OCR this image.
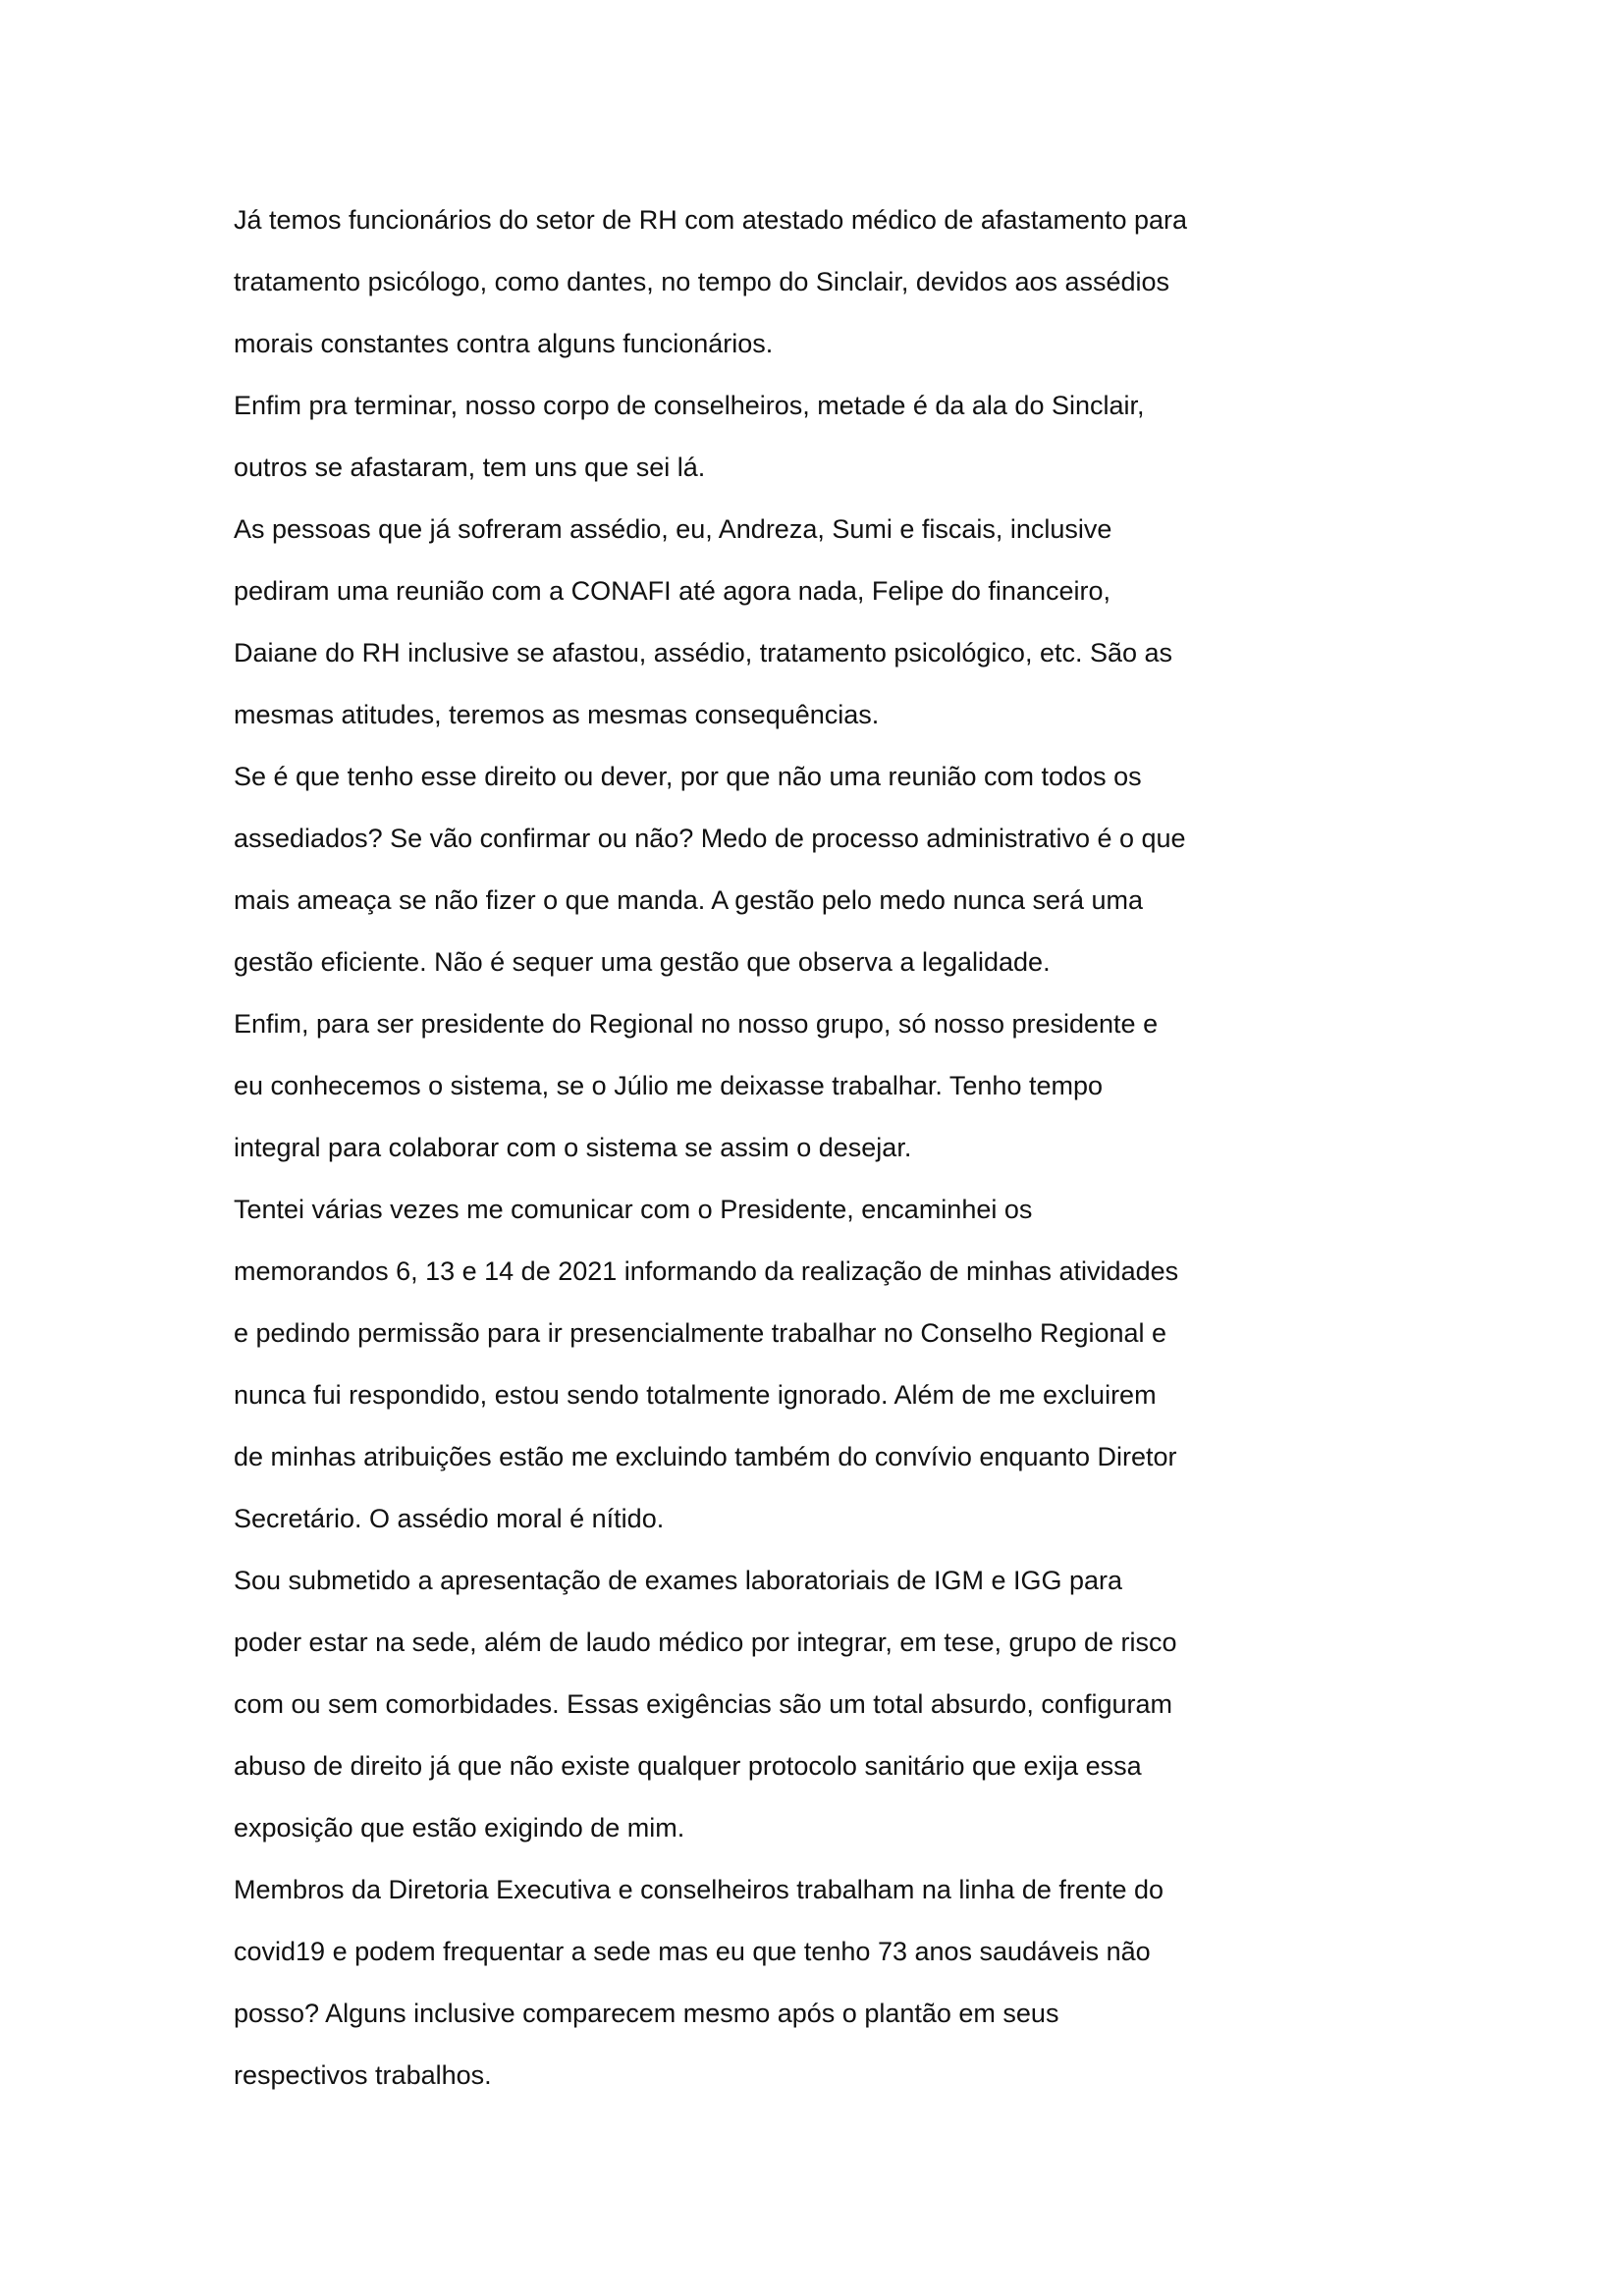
Já temos funcionários do setor de RH com atestado médico de afastamento para

tratamento psicólogo, como dantes, no tempo do Sinclair, devidos aos assédios

morais constantes contra alguns funcionários.

Enfim pra terminar, nosso corpo de conselheiros, metade é da ala do Sinclair,

outros se afastaram, tem uns que sei lá.

As pessoas que já sofreram assédio, eu, Andreza, Sumi e fiscais, inclusive

pediram uma reunião com a CONAFI até agora nada, Felipe do financeiro,

Daiane do RH inclusive se afastou, assédio, tratamento psicológico, etc. São as

mesmas atitudes, teremos as mesmas consequências.

Se é que tenho esse direito ou dever, por que não uma reunião com todos os

assediados? Se vão confirmar ou não? Medo de processo administrativo é o que

mais ameaça se não fizer o que manda. A gestão pelo medo nunca será uma

gestão eficiente. Não é sequer uma gestão que observa a legalidade.

Enfim, para ser presidente do Regional no nosso grupo, só nosso presidente e

eu conhecemos o sistema, se o Júlio me deixasse trabalhar. Tenho tempo

integral para colaborar com o sistema se assim o desejar.

Tentei várias vezes me comunicar com o Presidente, encaminhei os

memorandos 6, 13 e 14 de 2021 informando da realização de minhas atividades

e pedindo permissão para ir presencialmente trabalhar no Conselho Regional e

nunca fui respondido, estou sendo totalmente ignorado. Além de me excluirem

de minhas atribuições estão me excluindo também do convívio enquanto Diretor

Secretário. O assédio moral é nítido.

Sou submetido a apresentação de exames laboratoriais de IGM e IGG para

poder estar na sede, além de laudo médico por integrar, em tese, grupo de risco

com ou sem comorbidades. Essas exigências são um total absurdo, configuram

abuso de direito já que não existe qualquer protocolo sanitário que exija essa

exposição que estão exigindo de mim.

Membros da Diretoria Executiva e conselheiros trabalham na linha de frente do

covid19 e podem frequentar a sede mas eu que tenho 73 anos saudáveis não

posso? Alguns inclusive comparecem mesmo após o plantão em seus

respectivos trabalhos.
